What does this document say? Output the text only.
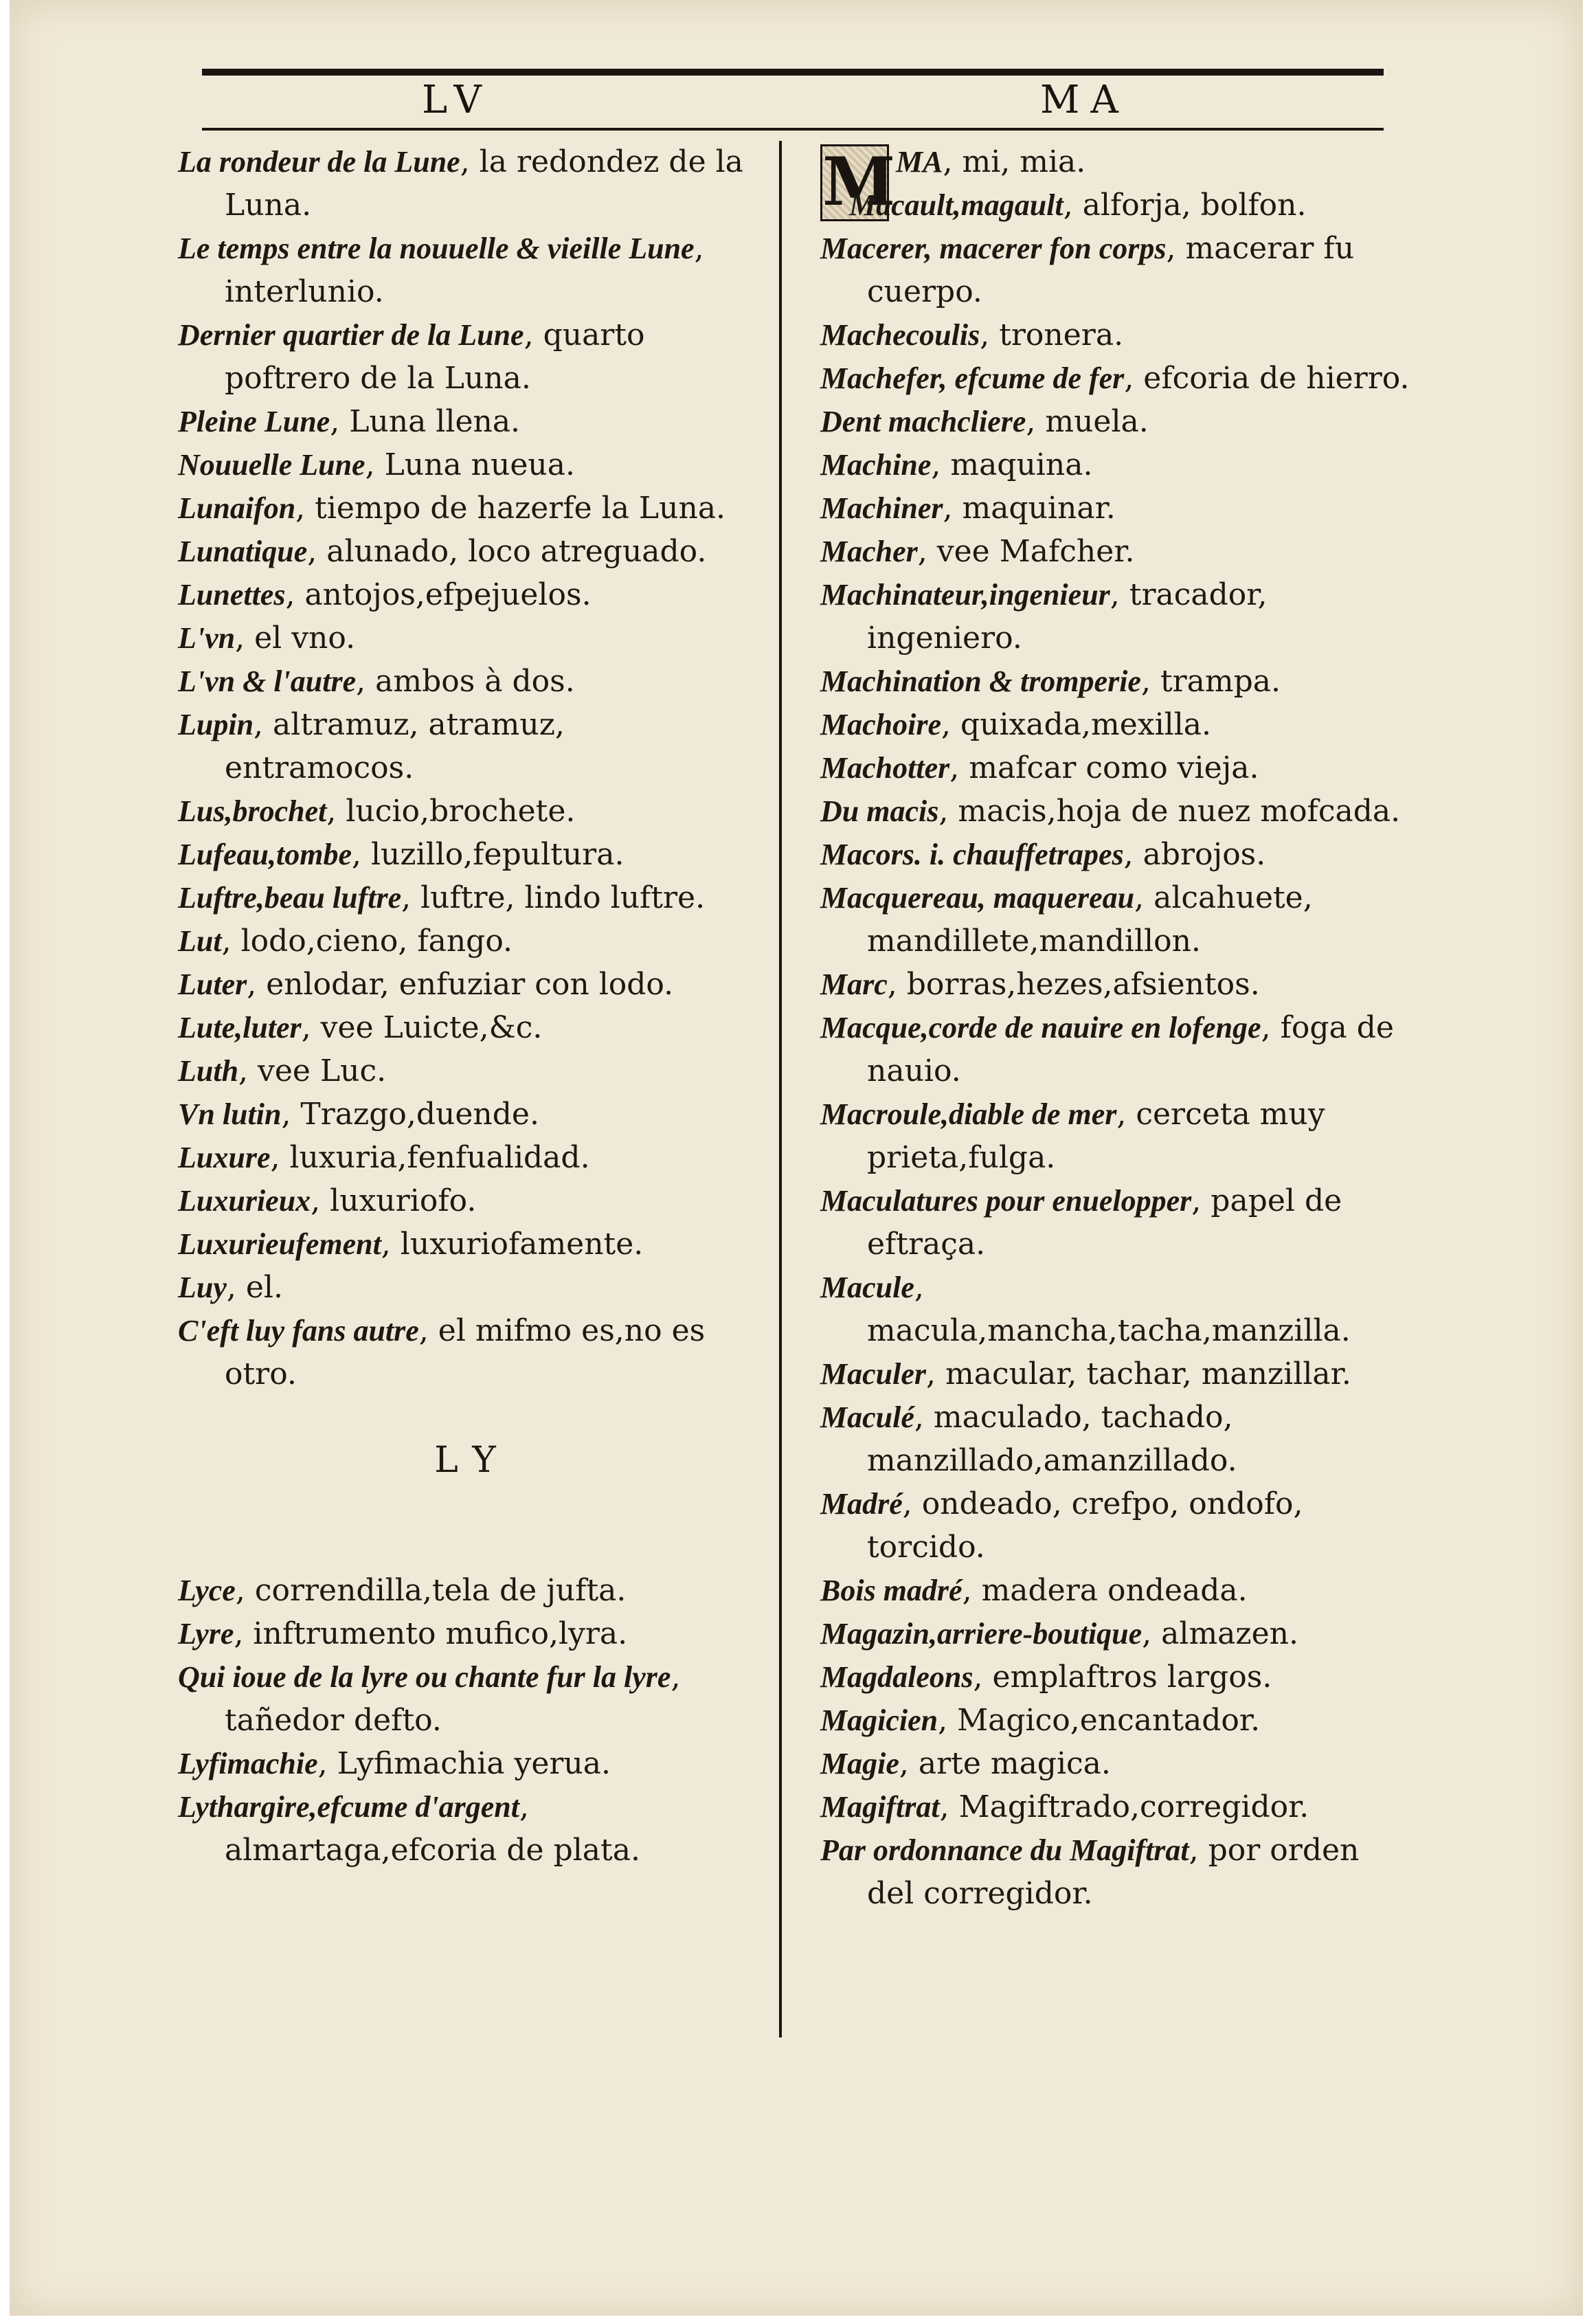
LV	MA
La rondeur de la Lune, la redondez de la Luna.
Le temps entre la nouuelle & vieille Lune, interlunio.
Dernier quartier de la Lune, quarto poftrero de la Luna.
Pleine Lune, Luna llena.
Nouuelle Lune, Luna nueua.
Lunaifon, tiempo de hazerfe la Luna.
Lunatique, alunado, loco atreguado.
Lunettes, antojos,efpejuelos.
L'vn, el vno.
L'vn & l'autre, ambos à dos.
Lupin, altramuz, atramuz, entramocos.
Lus,brochet, lucio,brochete.
Lufeau,tombe, luzillo,fepultura.
Luftre,beau luftre, luftre, lindo luftre.
Lut, lodo,cieno, fango.
Luter, enlodar, enfuziar con lodo.
Lute,luter, vee Luicte,&c.
Luth, vee Luc.
Vn lutin, Trazgo,duende.
Luxure, luxuria,fenfualidad.
Luxurieux, luxuriofo.
Luxurieufement, luxuriofamente.
Luy, el.
C'eft luy fans autre, el mifmo es,no es otro.
LY
Lyce, correndilla,tela de jufta.
Lyre, inftrumento mufico,lyra.
Qui ioue de la lyre ou chante fur la lyre, tañedor defto.
Lyfimachie, Lyfimachia yerua.
Lythargire,efcume d'argent, almartaga,efcoria de plata.
M MA, mi, mia.
Macault,magault, alforja, bolfon.
Macerer, macerer fon corps, macerar fu cuerpo.
Machecoulis, tronera.
Machefer, efcume de fer, efcoria de hierro.
Dent machcliere, muela.
Machine, maquina.
Machiner, maquinar.
Macher, vee Mafcher.
Machinateur,ingenieur, tracador, ingeniero.
Machination & tromperie, trampa.
Machoire, quixada,mexilla.
Machotter, mafcar como vieja.
Du macis, macis,hoja de nuez mofcada.
Macors. i. chauffetrapes, abrojos.
Macquereau, maquereau, alcahuete, mandillete,mandillon.
Marc, borras,hezes,afsientos.
Macque,corde de nauire en lofenge, foga de nauio.
Macroule,diable de mer, cerceta muy prieta,fulga.
Maculatures pour enuelopper, papel de eftraça.
Macule, macula,mancha,tacha,manzilla.
Maculer, macular, tachar, manzillar.
Maculé, maculado, tachado, manzillado,amanzillado.
Madré, ondeado, crefpo, ondofo, torcido.
Bois madré, madera ondeada.
Magazin,arriere-boutique, almazen.
Magdaleons, emplaftros largos.
Magicien, Magico,encantador.
Magie, arte magica.
Magiftrat, Magiftrado,corregidor.
Par ordonnance du Magiftrat, por orden del corregidor.
